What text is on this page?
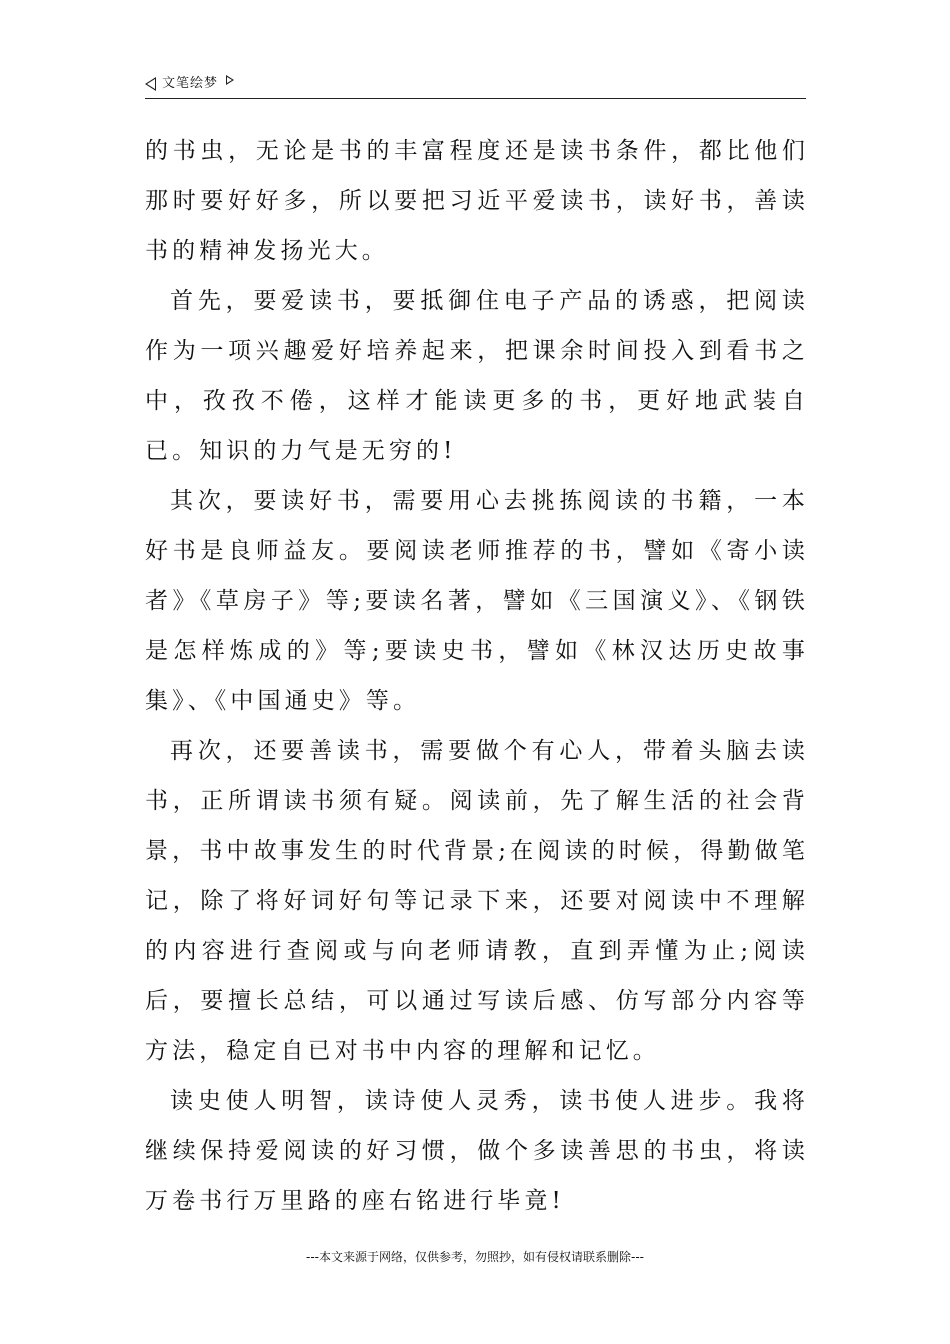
文笔绘梦

的书虫，无论是书的丰富程度还是读书条件，都比他们那时要好好多，所以要把习近平爱读书，读好书，善读书的精神发扬光大。

首先，要爱读书，要抵御住电子产品的诱惑，把阅读作为一项兴趣爱好培养起来，把课余时间投入到看书之中，孜孜不倦，这样才能读更多的书，更好地武装自已。知识的力气是无穷的!

其次，要读好书，需要用心去挑拣阅读的书籍，一本好书是良师益友。要阅读老师推荐的书，譬如《寄小读者》《草房子》等;要读名著，譬如《三国演义》、《钢铁是怎样炼成的》等;要读史书，譬如《林汉达历史故事集》、《中国通史》等。

再次，还要善读书，需要做个有心人，带着头脑去读书，正所谓读书须有疑。阅读前，先了解生活的社会背景，书中故事发生的时代背景;在阅读的时候，得勤做笔记，除了将好词好句等记录下来，还要对阅读中不理解的内容进行查阅或与向老师请教，直到弄懂为止;阅读后，要擅长总结，可以通过写读后感、仿写部分内容等方法，稳定自已对书中内容的理解和记忆。

读史使人明智，读诗使人灵秀，读书使人进步。我将继续保持爱阅读的好习惯，做个多读善思的书虫，将读万卷书行万里路的座右铭进行毕竟!

---本文来源于网络，仅供参考，勿照抄，如有侵权请联系删除---
